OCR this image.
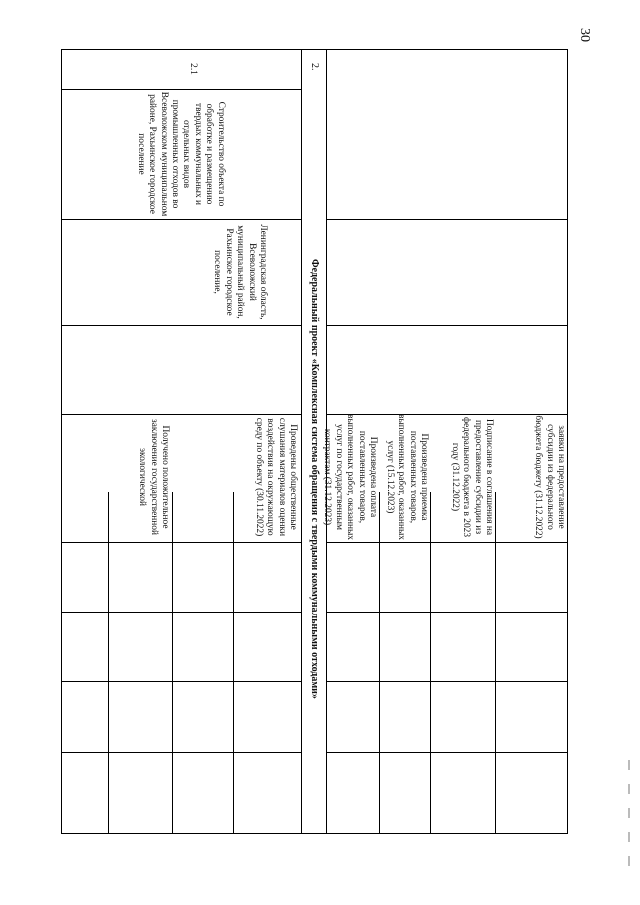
30
заявки на предоставление субсидии из федерального бюджета бюджету (31.12.2022)
Подписание в соглашения на предоставление субсидии из федерального бюджета в 2023 году (31.12.2022)
Произведена приемка поставленных товаров, выполненных работ, оказанных услуг (15.12.2023)
Произведена оплата поставленных товаров, выполненных работ, оказанных услуг по государственным контрактам (31.12.2023)
2.
Федеральный проект «Комплексная система обращения с твердыми коммунальными отходами»
2.1
Строительство объекта по обработке и размещению твердых коммунальных и отдельных видов промышленных отходов во Всеволожском муниципальном районе, Рахьинское городское поселение
Ленинградская область, Всеволожский муниципальный район, Рахьинское городское поселение,
Проведены общественные слушания материалов оценки воздействия на окружающую среду по объекту (30.11.2022)
Получено положительное заключение государственной экологической
